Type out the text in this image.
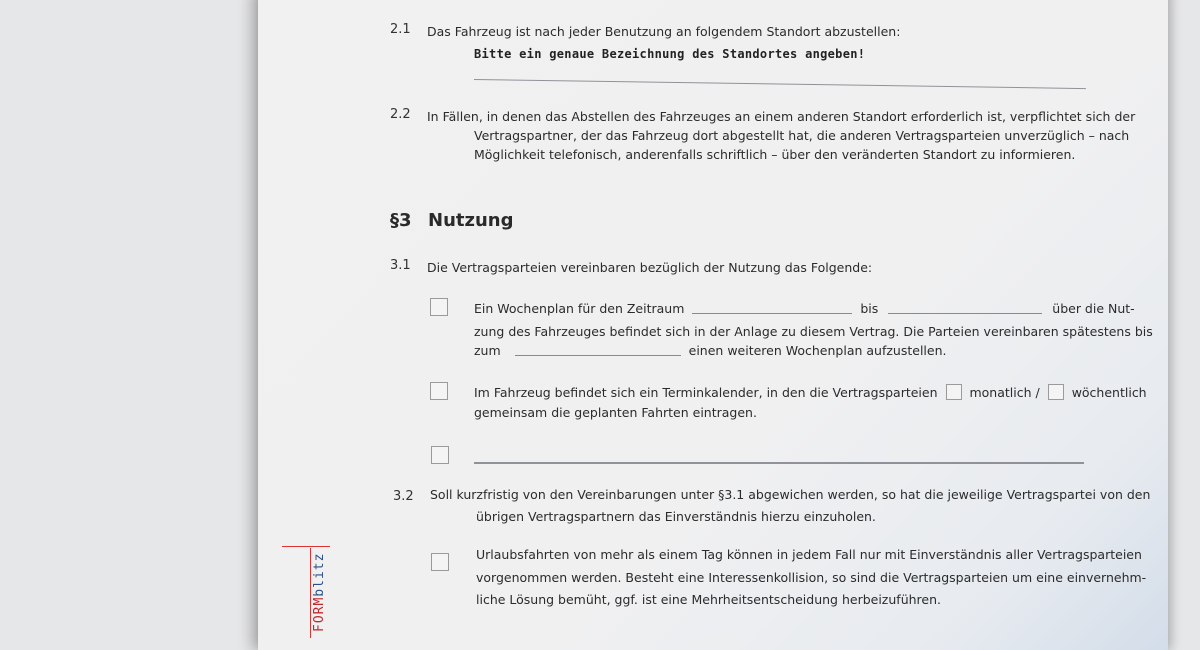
2.1 Das Fahrzeug ist nach jeder Benutzung an folgendem Standort abzustellen:
Bitte ein genaue Bezeichnung des Standortes angeben!
2.2 In Fällen, in denen das Abstellen des Fahrzeuges an einem anderen Standort erforderlich ist, verpflichtet sich der
Vertragspartner, der das Fahrzeug dort abgestellt hat, die anderen Vertragsparteien unverzüglich – nach
Möglichkeit telefonisch, anderenfalls schriftlich – über den veränderten Standort zu informieren.
§3 Nutzung
3.1 Die Vertragsparteien vereinbaren bezüglich der Nutzung das Folgende:
Ein Wochenplan für den Zeitraum	bis	über die Nut-
zung des Fahrzeuges befindet sich in der Anlage zu diesem Vertrag. Die Parteien vereinbaren spätestens bis
zum	einen weiteren Wochenplan aufzustellen.
Im Fahrzeug befindet sich ein Terminkalender, in den die Vertragsparteien	monatlich /	wöchentlich
gemeinsam die geplanten Fahrten eintragen.
3.2 Soll kurzfristig von den Vereinbarungen unter §3.1 abgewichen werden, so hat die jeweilige Vertragspartei von den
übrigen Vertragspartnern das Einverständnis hierzu einzuholen.
Urlaubsfahrten von mehr als einem Tag können in jedem Fall nur mit Einverständnis aller Vertragsparteien
vorgenommen werden. Besteht eine Interessenkollision, so sind die Vertragsparteien um eine einvernehm-
liche Lösung bemüht, ggf. ist eine Mehrheitsentscheidung herbeizuführen.
FORMblitz
